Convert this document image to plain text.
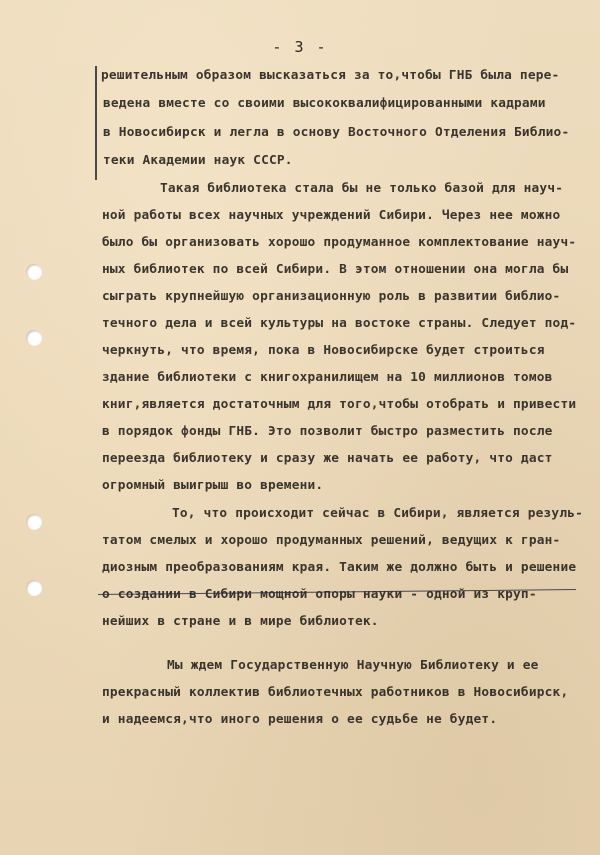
- 3 -
решительным образом высказаться за то,чтобы ГНБ была пере-
ведена вместе со своими высококвалифицированными кадрами
в Новосибирск и легла в основу Восточного Отделения Библио-
теки Академии наук СССР.
Такая библиотека стала бы не только базой для науч-
ной работы всех научных учреждений Сибири. Через нее можно
было бы организовать хорошо продуманное комплектование науч-
ных библиотек по всей Сибири. В этом отношении она могла бы
сыграть крупнейшую организационную роль в развитии библио-
течного дела и всей культуры на востоке страны. Следует под-
черкнуть, что время, пока в Новосибирске будет строиться
здание библиотеки с книгохранилищем на 10 миллионов томов
книг,является достаточным для того,чтобы отобрать и привести
в порядок фонды ГНБ. Это позволит быстро разместить после
переезда библиотеку и сразу же начать ее работу, что даст
огромный выигрыш во времени.
То, что происходит сейчас в Сибири, является резуль-
татом смелых и хорошо продуманных решений, ведущих к гран-
диозным преобразованиям края. Таким же должно быть и решение
о создании в Сибири мощной опоры науки - одной из круп-
нейших в стране и в мире библиотек.
Мы ждем Государственную Научную Библиотеку и ее
прекрасный коллектив библиотечных работников в Новосибирск,
и надеемся,что иного решения о ее судьбе не будет.
